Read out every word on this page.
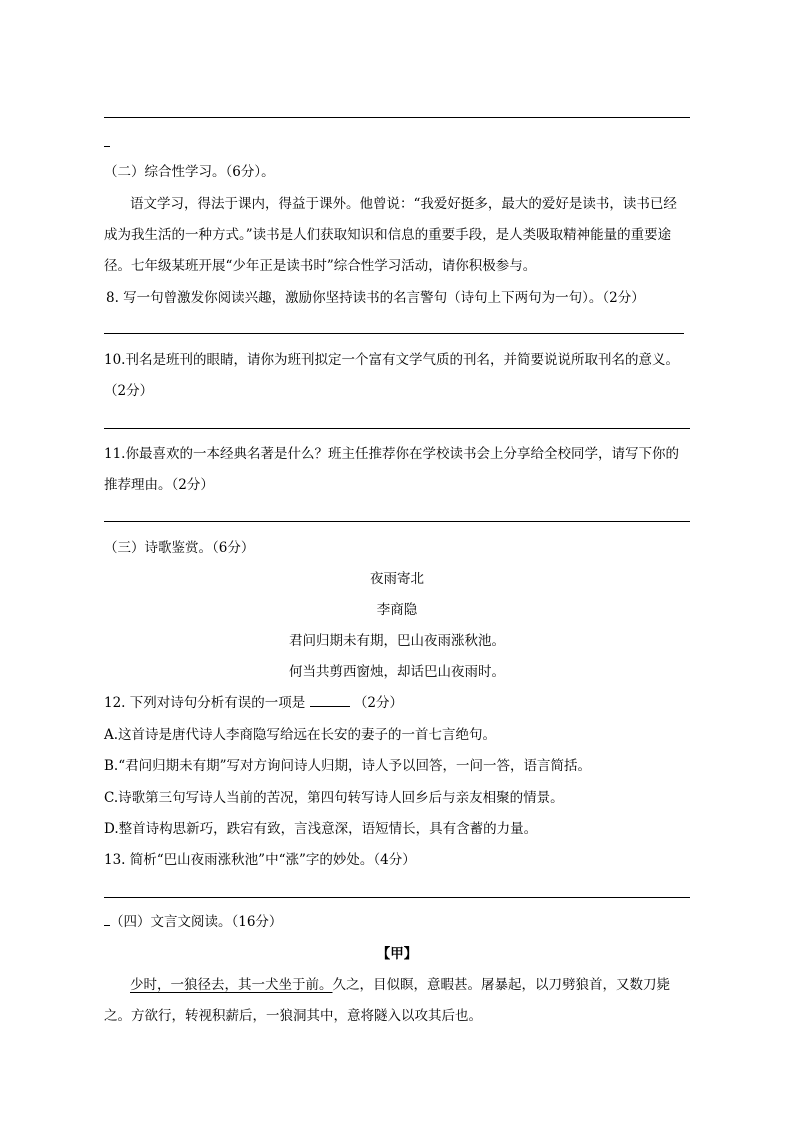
（二）综合性学习。（6分）。
语文学习，得法于课内，得益于课外。他曾说：“我爱好挺多，最大的爱好是读书，读书已经
成为我生活的一种方式。”读书是人们获取知识和信息的重要手段，是人类吸取精神能量的重要途
径。七年级某班开展“少年正是读书时”综合性学习活动，请你积极参与。
8. 写一句曾激发你阅读兴趣，激励你坚持读书的名言警句（诗句上下两句为一句）。（2分）
10.刊名是班刊的眼睛，请你为班刊拟定一个富有文学气质的刊名，并简要说说所取刊名的意义。
（2分）
11.你最喜欢的一本经典名著是什么？班主任推荐你在学校读书会上分享给全校同学，请写下你的
推荐理由。（2分）
（三）诗歌鉴赏。（6分）
夜雨寄北
李商隐
君问归期未有期，巴山夜雨涨秋池。
何当共剪西窗烛，却话巴山夜雨时。
12. 下列对诗句分析有误的一项是	（2分）
A.这首诗是唐代诗人李商隐写给远在长安的妻子的一首七言绝句。
B.“君问归期未有期”写对方询问诗人归期，诗人予以回答，一问一答，语言简括。
C.诗歌第三句写诗人当前的苦况，第四句转写诗人回乡后与亲友相聚的情景。
D.整首诗构思新巧，跌宕有致，言浅意深，语短情长，具有含蓄的力量。
13. 简析“巴山夜雨涨秋池”中“涨”字的妙处。（4分）
（四）文言文阅读。（16分）
【甲】
少时，一狼径去，其一犬坐于前。久之，目似瞑，意暇甚。屠暴起，以刀劈狼首，又数刀毙
之。方欲行，转视积薪后，一狼洞其中，意将隧入以攻其后也。
